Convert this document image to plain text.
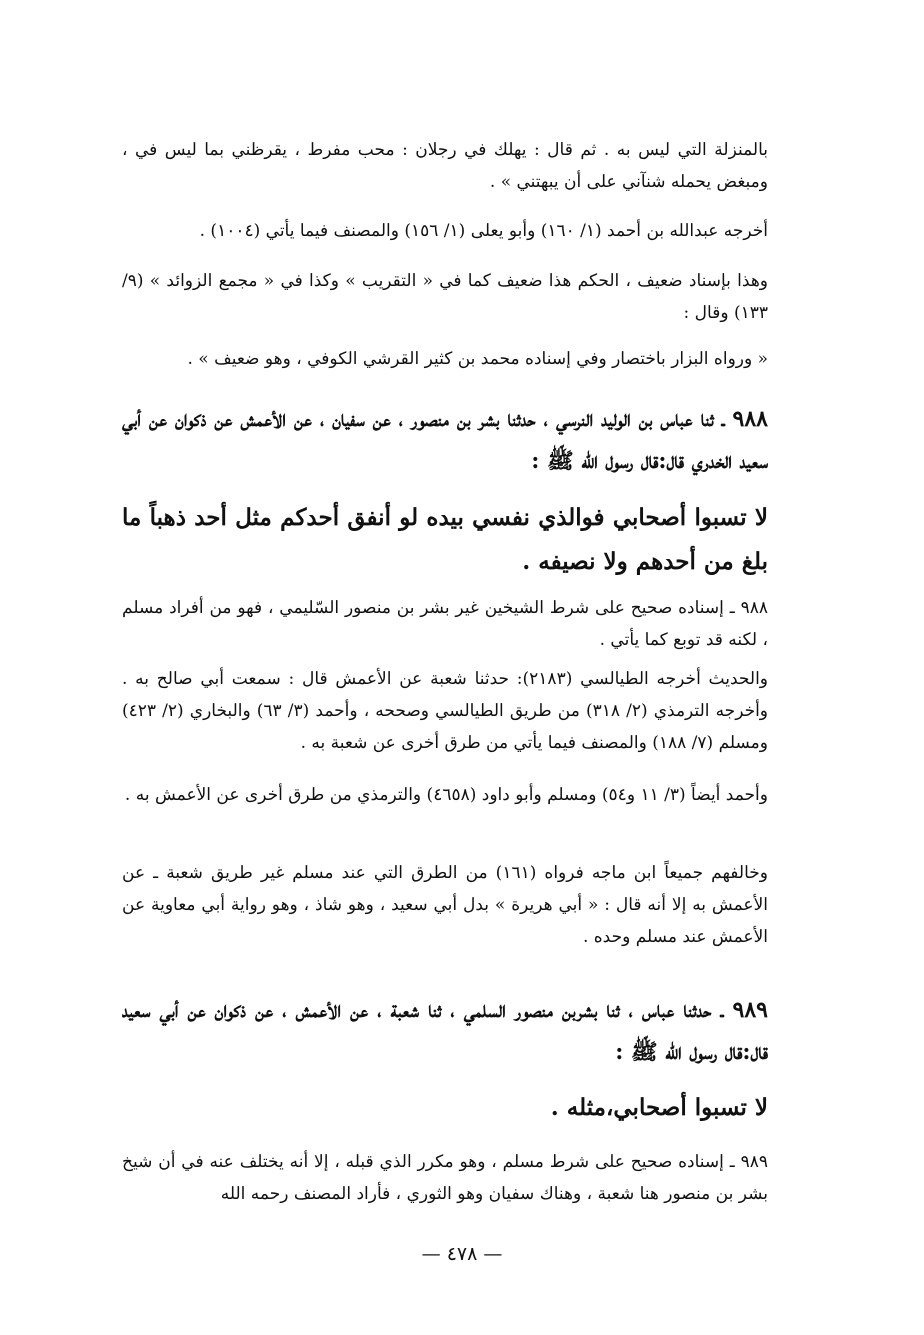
بالمنزلة التي ليس به . ثم قال : يهلك في رجلان : محب مفرط ، يقرظني بما ليس في ، ومبغض يحمله شنآني على أن يبهتني » .

أخرجه عبدالله بن أحمد (١/ ١٦٠) وأبو يعلى (١/ ١٥٦) والمصنف فيما يأتي (١٠٠٤) .

وهذا بإسناد ضعيف ، الحكم هذا ضعيف كما في « التقريب » وكذا في « مجمع الزوائد » (٩/ ١٣٣) وقال :

« ورواه البزار باختصار وفي إسناده محمد بن كثير القرشي الكوفي ، وهو ضعيف » .

٩٨٨ ـ ثنا عباس بن الوليد النرسي ، حدثنا بشر بن منصور ، عن سفيان ، عن الأعمش عن ذكوان عن أبي سعيد الخدري قال:قال رسول الله ﷺ :

لا تسبوا أصحابي فوالذي نفسي بيده لو أنفق أحدكم مثل أحد ذهباً ما بلغ من أحدهم ولا نصيفه .

٩٨٨ ـ إسناده صحيح على شرط الشيخين غير بشر بن منصور السّليمي ، فهو من أفراد مسلم ، لكنه قد توبع كما يأتي .

والحديث أخرجه الطيالسي (٢١٨٣): حدثنا شعبة عن الأعمش قال : سمعت أبي صالح به . وأخرجه الترمذي (٢/ ٣١٨) من طريق الطيالسي وصححه ، وأحمد (٣/ ٦٣) والبخاري (٢/ ٤٢٣) ومسلم (٧/ ١٨٨) والمصنف فيما يأتي من طرق أخرى عن شعبة به .

وأحمد أيضاً (٣/ ١١ و٥٤) ومسلم وأبو داود (٤٦٥٨) والترمذي من طرق أخرى عن الأعمش به .

وخالفهم جميعاً ابن ماجه فرواه (١٦١) من الطرق التي عند مسلم غير طريق شعبة ـ عن الأعمش به إلا أنه قال : « أبي هريرة » بدل أبي سعيد ، وهو شاذ ، وهو رواية أبي معاوية عن الأعمش عند مسلم وحده .

٩٨٩ ـ حدثنا عباس ، ثنا بشربن منصور السلمي ، ثنا شعبة ، عن الأعمش ، عن ذكوان عن أبي سعيد قال:قال رسول الله ﷺ :

لا تسبوا أصحابي،مثله .

٩٨٩ ـ إسناده صحيح على شرط مسلم ، وهو مكرر الذي قبله ، إلا أنه يختلف عنه في أن شيخ بشر بن منصور هنا شعبة ، وهناك سفيان وهو الثوري ، فأراد المصنف رحمه الله

— ٤٧٨ —
